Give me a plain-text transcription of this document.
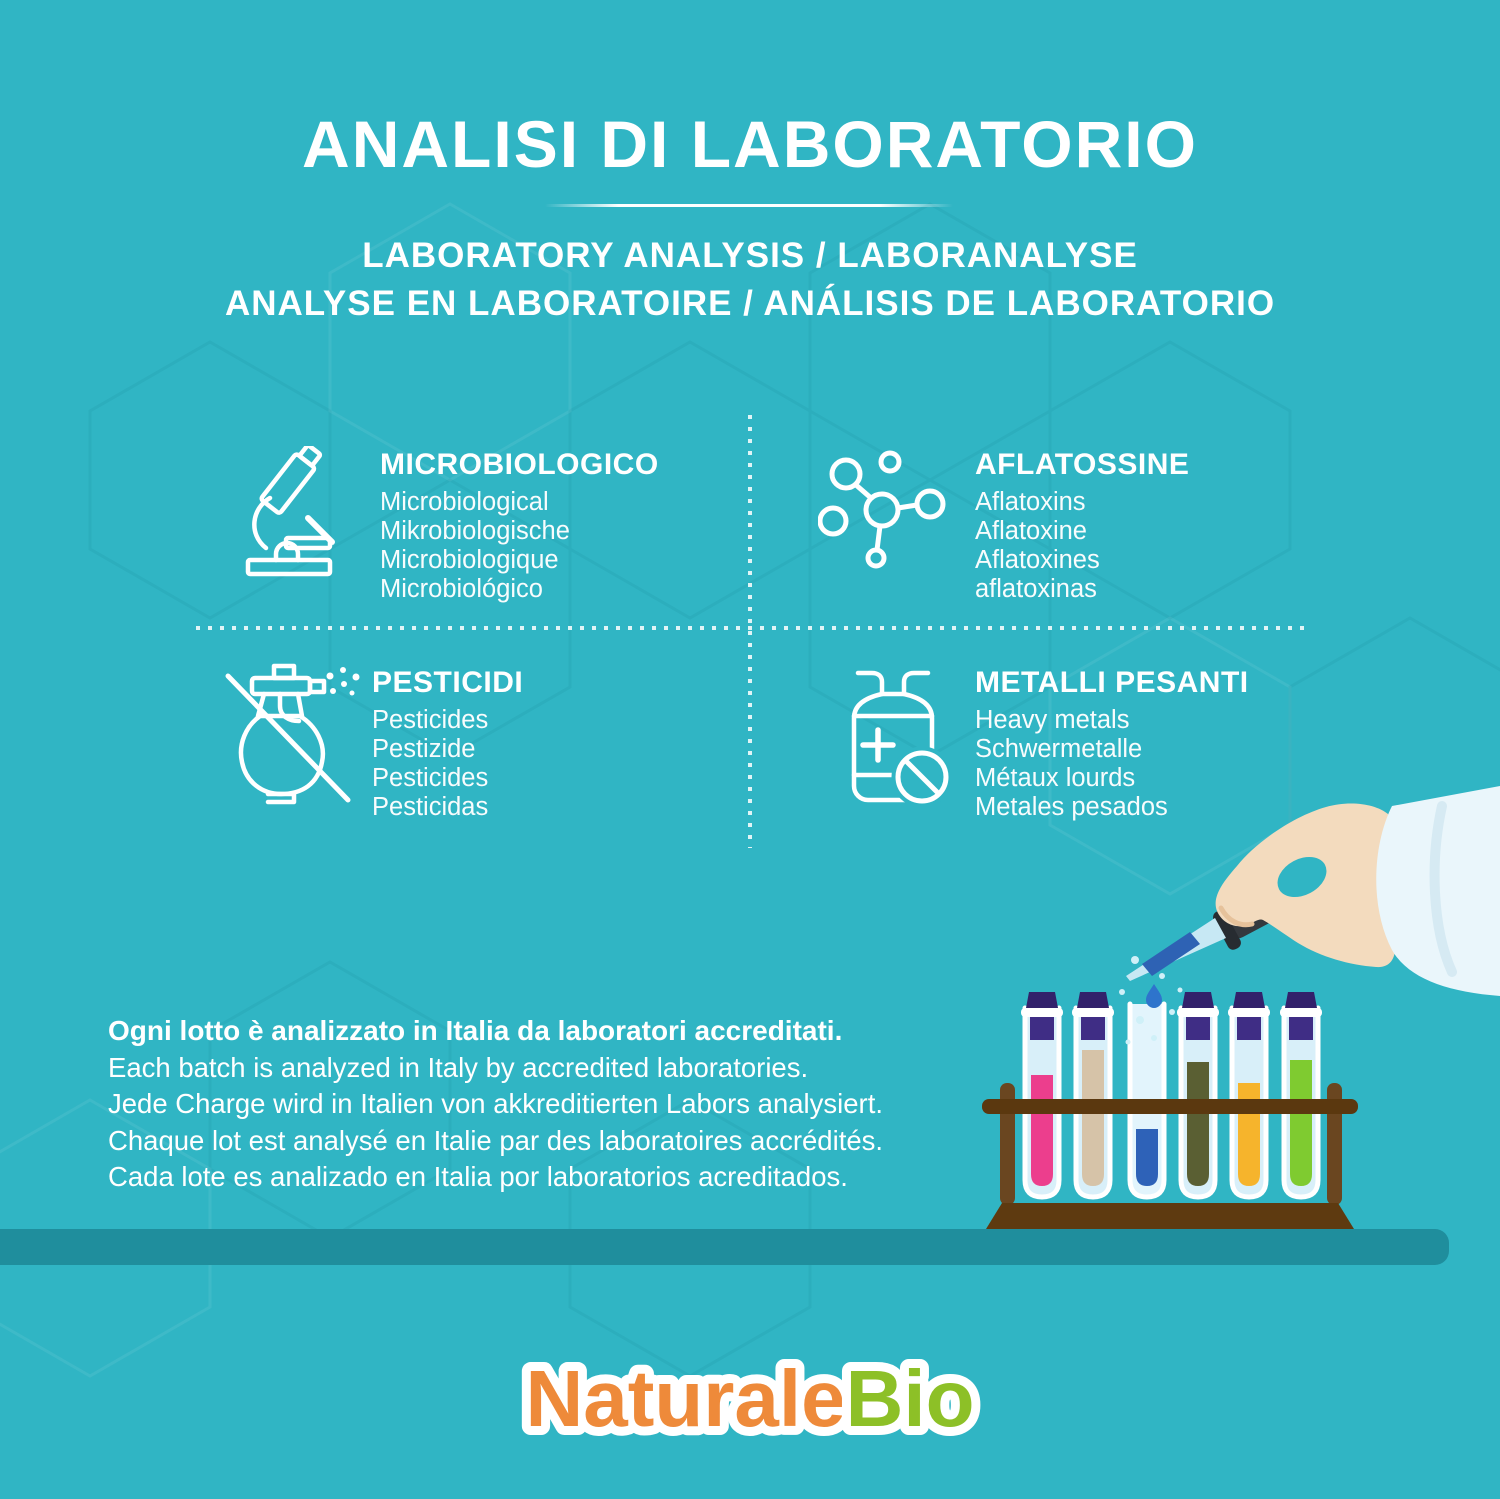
ANALISI DI LABORATORIO
LABORATORY ANALYSIS / LABORANALYSE
ANALYSE EN LABORATOIRE / ANÁLISIS DE LABORATORIO
MICROBIOLOGICO
Microbiological
Mikrobiologische
Microbiologique
Microbiológico
AFLATOSSINE
Aflatoxins
Aflatoxine
Aflatoxines
aflatoxinas
PESTICIDI
Pesticides
Pestizide
Pesticides
Pesticidas
METALLI PESANTI
Heavy metals
Schwermetalle
Métaux lourds
Metales pesados
Ogni lotto è analizzato in Italia da laboratori accreditati.
Each batch is analyzed in Italy by accredited laboratories.
Jede Charge wird in Italien von akkreditierten Labors analysiert.
Chaque lot est analysé en Italie par des laboratoires accrédités.
Cada lote es analizado en Italia por laboratorios acreditados.
NaturaleBio
